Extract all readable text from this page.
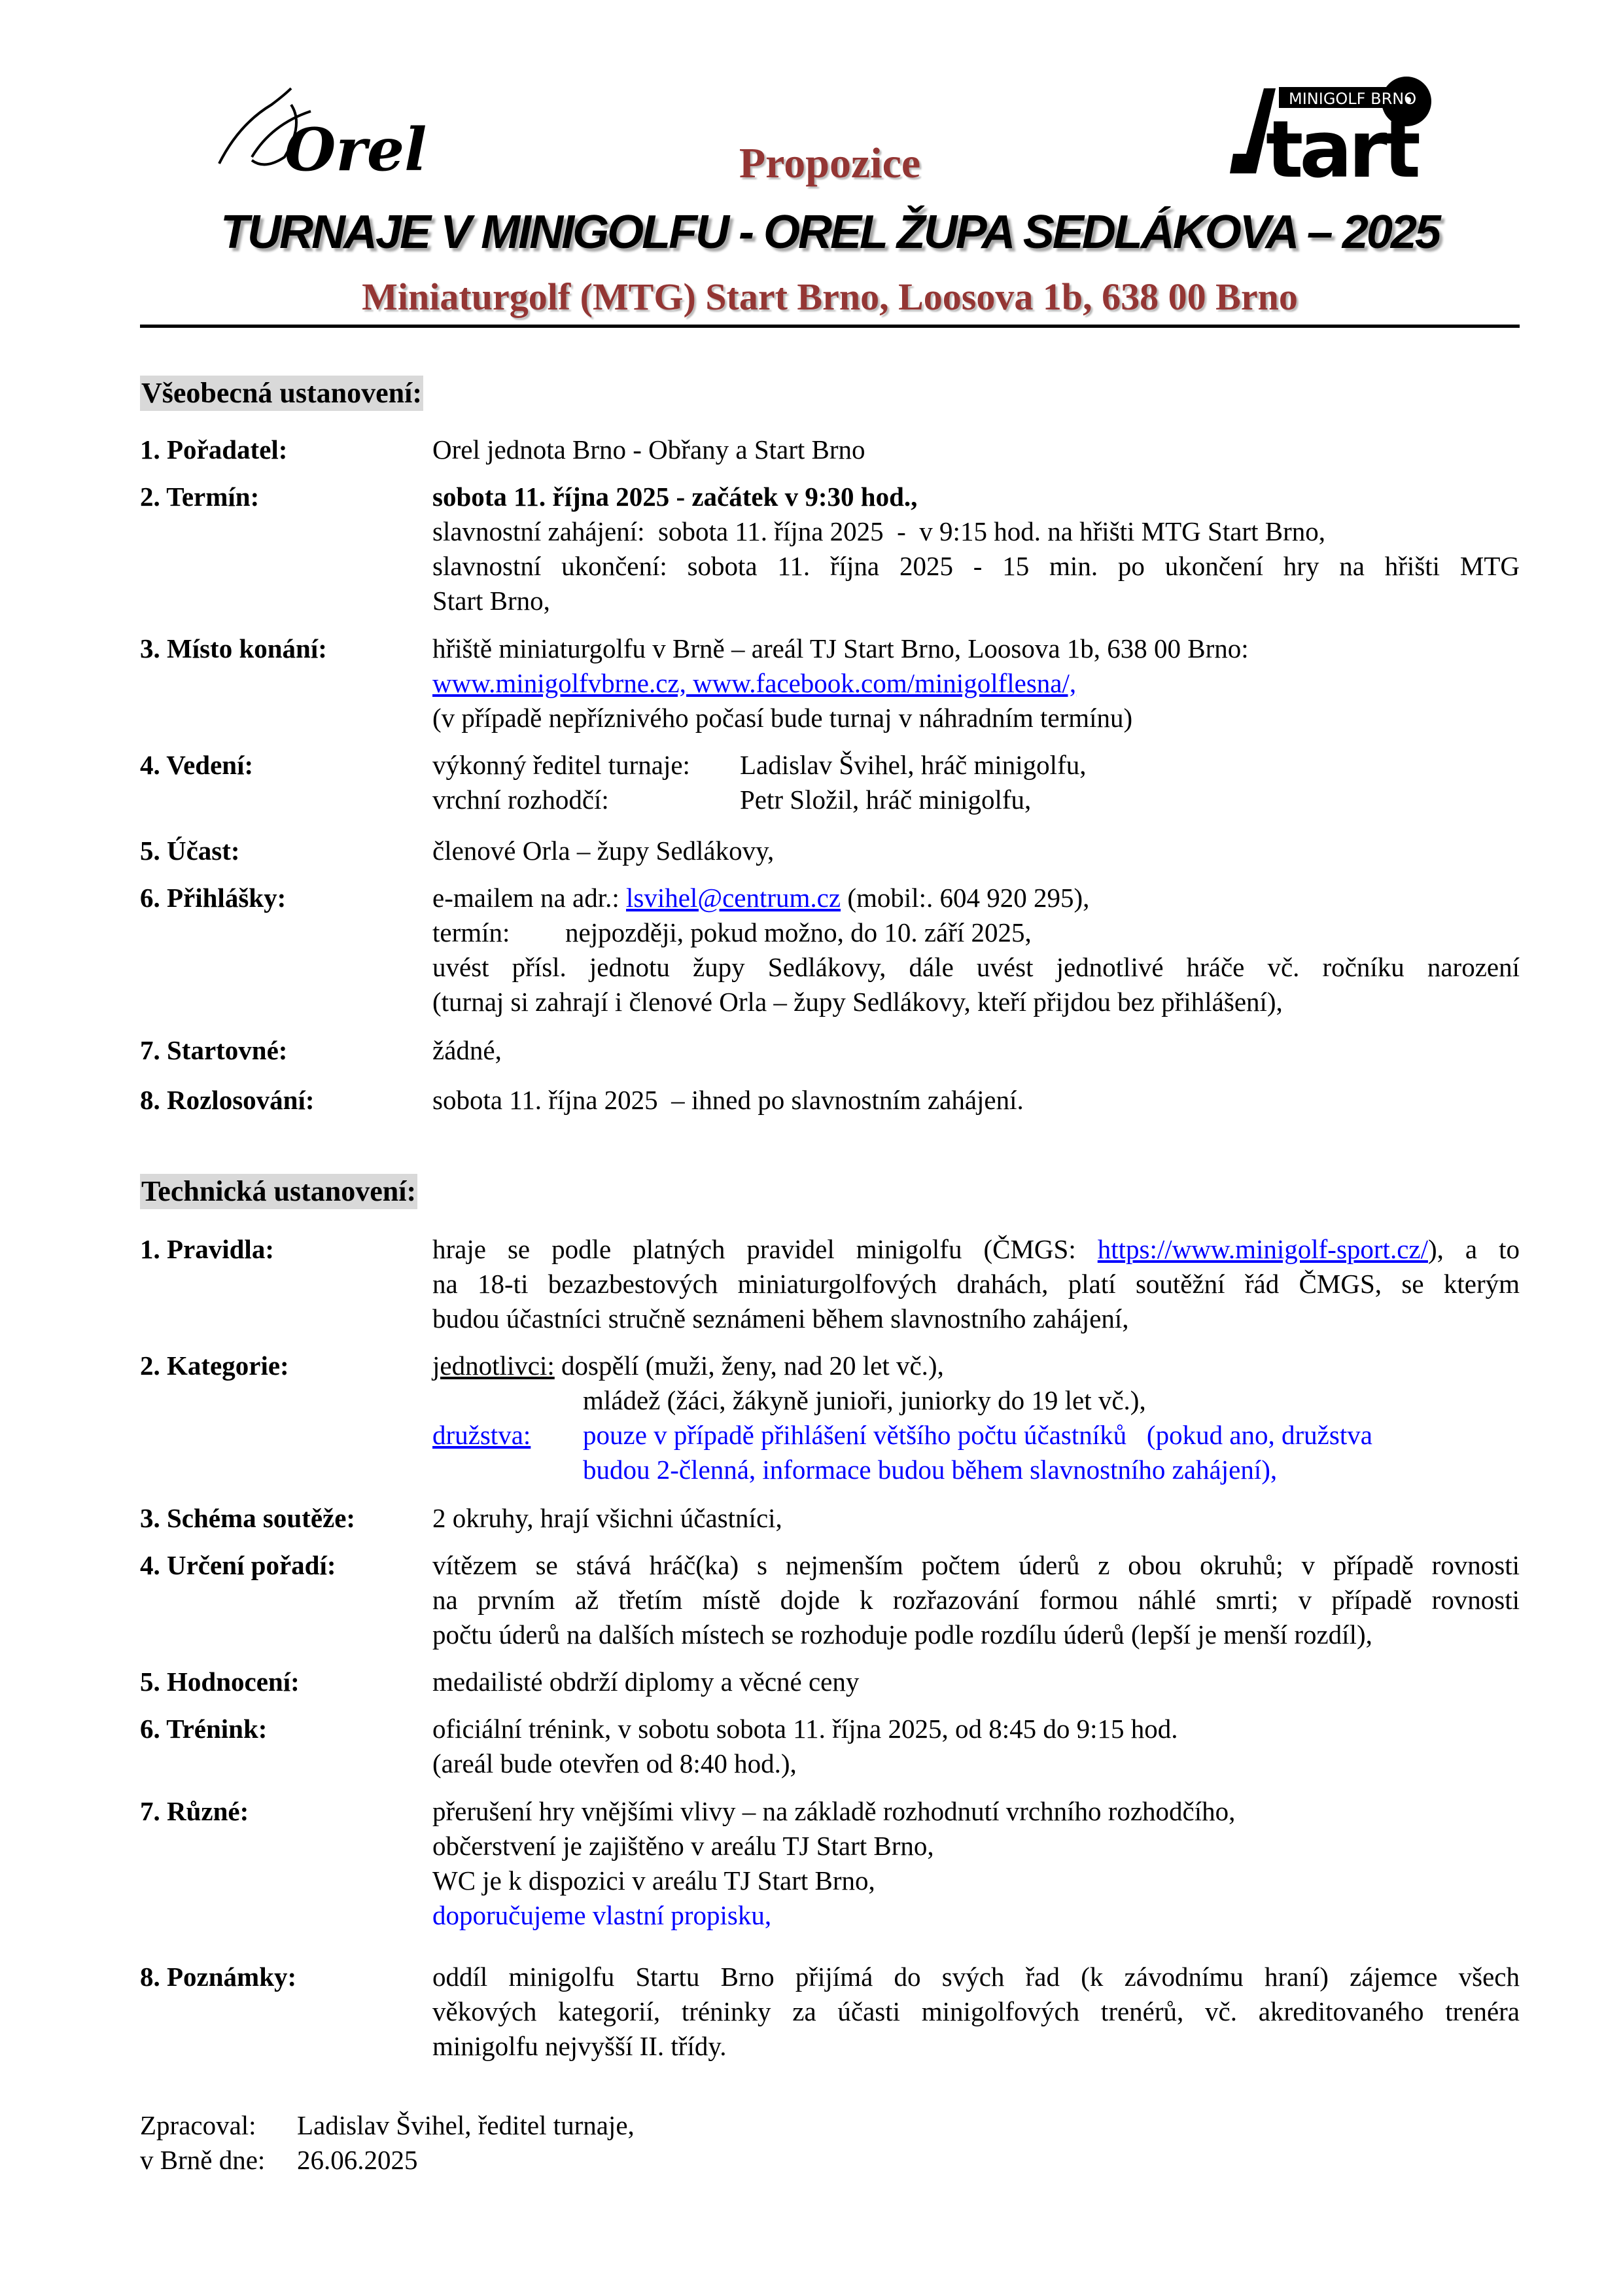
Orel
MINIGOLF BRNO
tart
Propozice
TURNAJE V MINIGOLFU - OREL ŽUPA SEDLÁKOVA – 2025
Miniaturgolf (MTG) Start Brno, Loosova 1b, 638 00 Brno
Všeobecná ustanovení:
1. Pořadatel:	Orel jednota Brno - Obřany a Start Brno
2. Termín:	sobota 11. října 2025 - začátek v 9:30 hod.,
slavnostní zahájení:  sobota 11. října 2025  -  v 9:15 hod. na hřišti MTG Start Brno,
slavnostní ukončení: sobota 11. října 2025 - 15 min. po ukončení hry na hřišti MTG
Start Brno,
3. Místo konání:	hřiště miniaturgolfu v Brně – areál TJ Start Brno, Loosova 1b, 638 00 Brno:
www.minigolfvbrne.cz, www.facebook.com/minigolflesna/,
(v případě nepříznivého počasí bude turnaj v náhradním termínu)
4. Vedení:	výkonný ředitel turnaje: Ladislav Švihel, hráč minigolfu,
vrchní rozhodčí:	Petr Složil, hráč minigolfu,
5. Účast:	členové Orla – župy Sedlákovy,
6. Přihlášky:	e-mailem na adr.: lsvihel@centrum.cz (mobil:. 604 920 295),
termín: nejpozději, pokud možno, do 10. září 2025,
uvést přísl. jednotu župy Sedlákovy, dále uvést jednotlivé hráče vč. ročníku narození
(turnaj si zahrají i členové Orla – župy Sedlákovy, kteří přijdou bez přihlášení),
7. Startovné:	žádné,
8. Rozlosování:	sobota 11. října 2025  – ihned po slavnostním zahájení.
Technická ustanovení:
1. Pravidla:	hraje se podle platných pravidel minigolfu (ČMGS: https://www.minigolf-sport.cz/), a to
na 18-ti bezazbestových miniaturgolfových drahách, platí soutěžní řád ČMGS, se kterým
budou účastníci stručně seznámeni během slavnostního zahájení,
2. Kategorie:	jednotlivci: dospělí (muži, ženy, nad 20 let vč.),
mládež (žáci, žákyně junioři, juniorky do 19 let vč.),
družstva:	pouze v případě přihlášení většího počtu účastníků   (pokud ano, družstva
budou 2-členná, informace budou během slavnostního zahájení),
3. Schéma soutěže:	2 okruhy, hrají všichni účastníci,
4. Určení pořadí:	vítězem se stává hráč(ka) s nejmenším počtem úderů z obou okruhů; v případě rovnosti
na prvním až třetím místě dojde k rozřazování formou náhlé smrti; v případě rovnosti
počtu úderů na dalších místech se rozhoduje podle rozdílu úderů (lepší je menší rozdíl),
5. Hodnocení:	medailisté obdrží diplomy a věcné ceny
6. Trénink:	oficiální trénink, v sobotu sobota 11. října 2025, od 8:45 do 9:15 hod.
(areál bude otevřen od 8:40 hod.),
7. Různé:	přerušení hry vnějšími vlivy – na základě rozhodnutí vrchního rozhodčího,
občerstvení je zajištěno v areálu TJ Start Brno,
WC je k dispozici v areálu TJ Start Brno,
doporučujeme vlastní propisku,
8. Poznámky:	oddíl minigolfu Startu Brno přijímá do svých řad (k závodnímu hraní) zájemce všech
věkových kategorií, tréninky za účasti minigolfových trenérů, vč. akreditovaného trenéra
minigolfu nejvyšší II. třídy.
Zpracoval: Ladislav Švihel, ředitel turnaje,
v Brně dne: 26.06.2025
